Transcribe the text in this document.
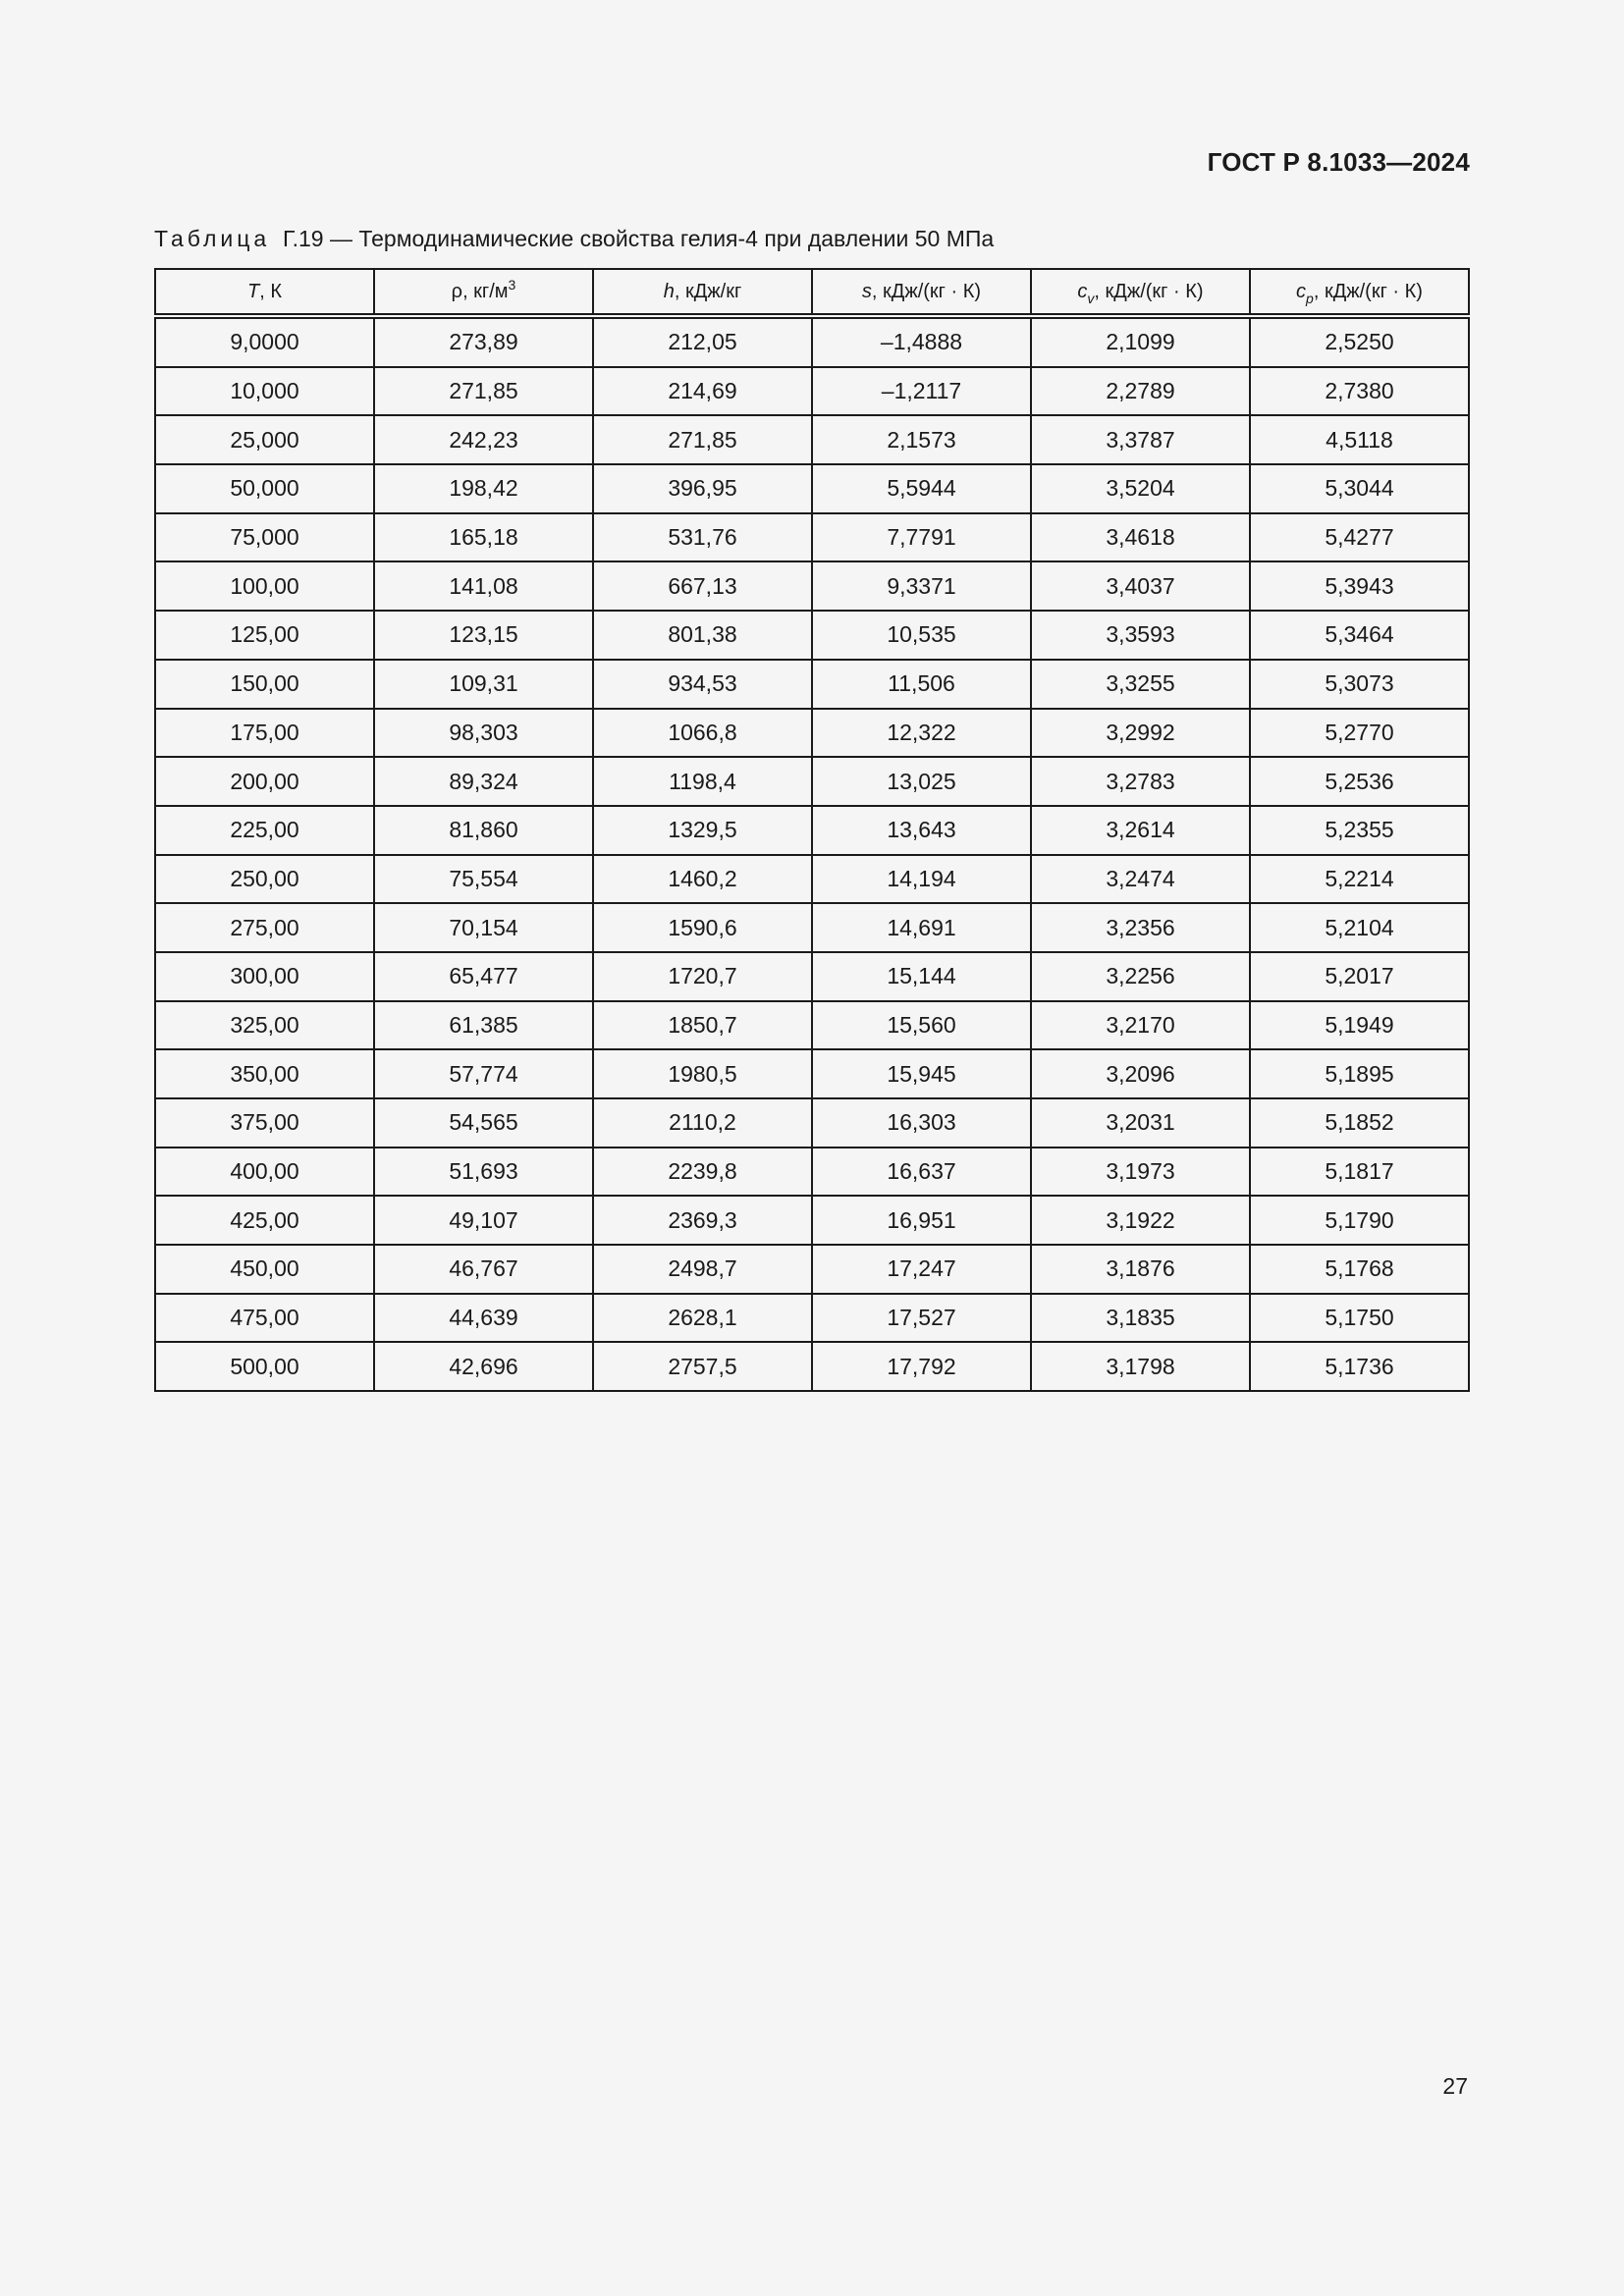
ГОСТ Р 8.1033—2024
Таблица Г.19 — Термодинамические свойства гелия-4 при давлении 50 МПа
T, К	ρ, $кг/м^3$	h, кДж/кг	s, кДж/(кг · К)	$c_v$, кДж/(кг · К)	$c_p$, кДж/(кг · К)
9,0000	273,89	212,05	–1,4888	2,1099	2,5250
10,000	271,85	214,69	–1,2117	2,2789	2,7380
25,000	242,23	271,85	2,1573	3,3787	4,5118
50,000	198,42	396,95	5,5944	3,5204	5,3044
75,000	165,18	531,76	7,7791	3,4618	5,4277
100,00	141,08	667,13	9,3371	3,4037	5,3943
125,00	123,15	801,38	10,535	3,3593	5,3464
150,00	109,31	934,53	11,506	3,3255	5,3073
175,00	98,303	1066,8	12,322	3,2992	5,2770
200,00	89,324	1198,4	13,025	3,2783	5,2536
225,00	81,860	1329,5	13,643	3,2614	5,2355
250,00	75,554	1460,2	14,194	3,2474	5,2214
275,00	70,154	1590,6	14,691	3,2356	5,2104
300,00	65,477	1720,7	15,144	3,2256	5,2017
325,00	61,385	1850,7	15,560	3,2170	5,1949
350,00	57,774	1980,5	15,945	3,2096	5,1895
375,00	54,565	2110,2	16,303	3,2031	5,1852
400,00	51,693	2239,8	16,637	3,1973	5,1817
425,00	49,107	2369,3	16,951	3,1922	5,1790
450,00	46,767	2498,7	17,247	3,1876	5,1768
475,00	44,639	2628,1	17,527	3,1835	5,1750
500,00	42,696	2757,5	17,792	3,1798	5,1736
27
